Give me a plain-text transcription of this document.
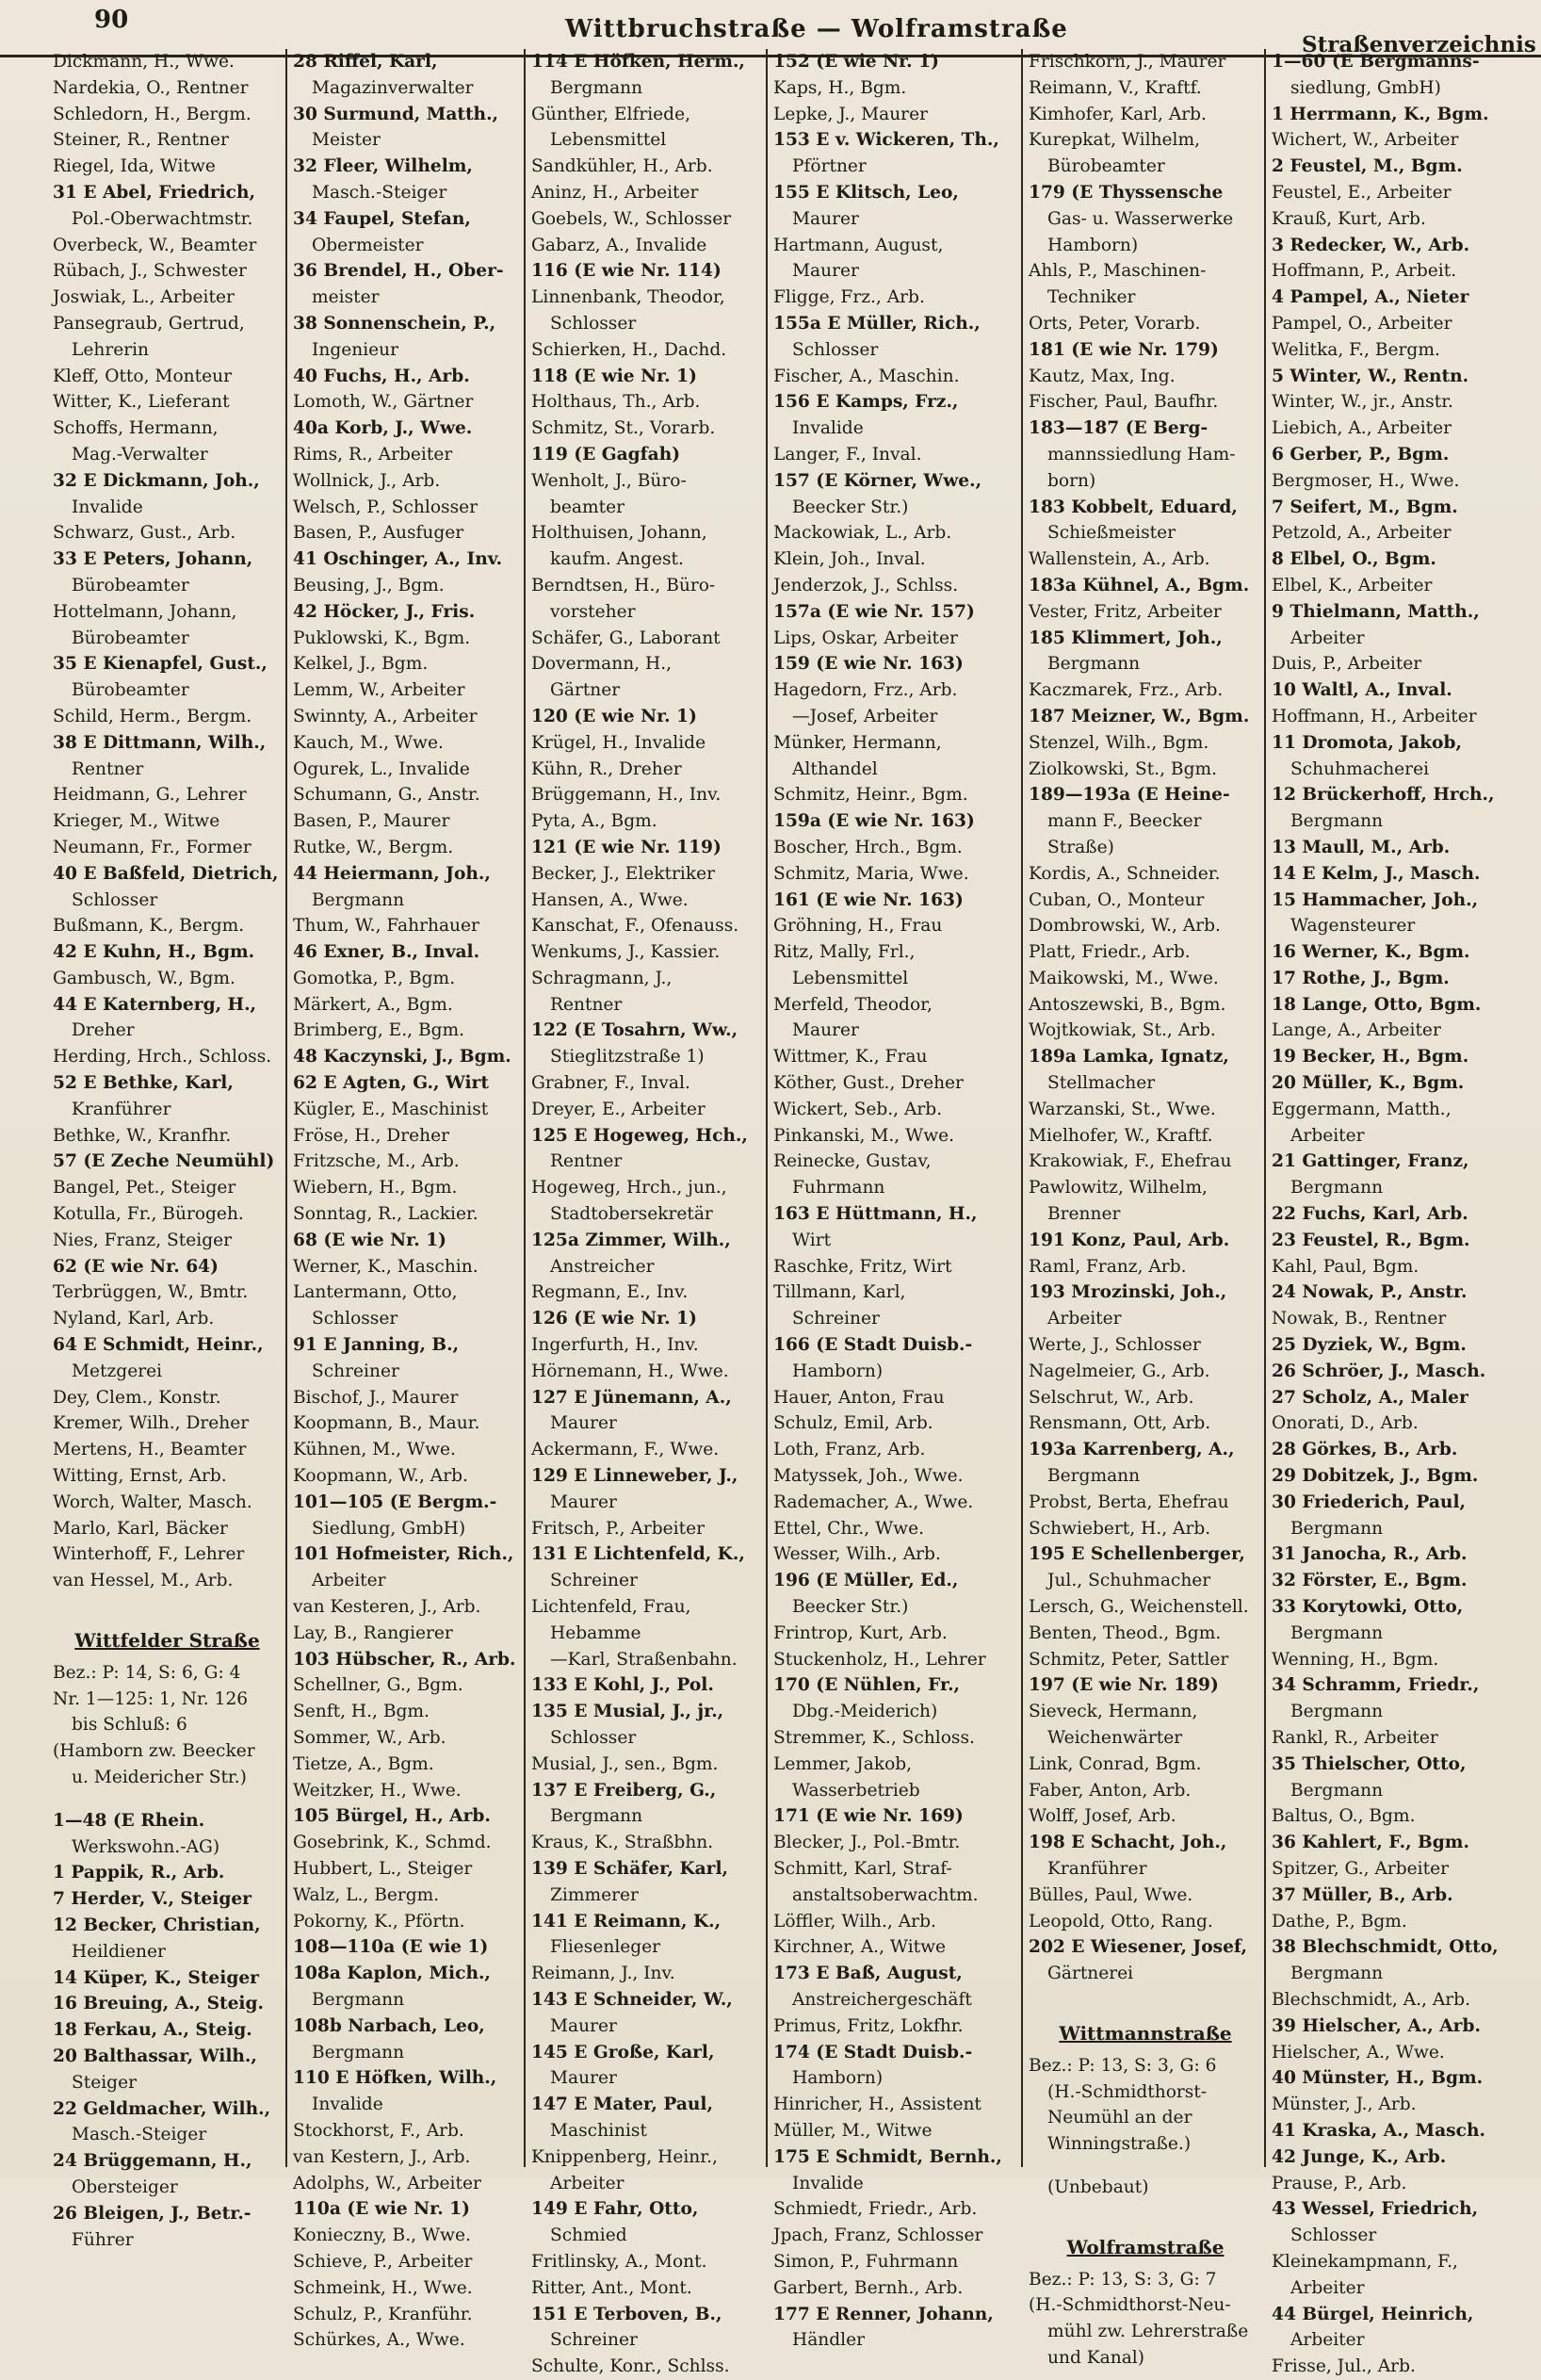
90	Wittbruchstraße — Wolframstraße
Straßenverzeichnis
Dickmann, H., Wwe.
Nardekia, O., Rentner
Schledorn, H., Bergm.
Steiner, R., Rentner
Riegel, Ida, Witwe
31 E Abel, Friedrich,
Pol.-Oberwachtmstr.
Overbeck, W., Beamter
Rübach, J., Schwester
Joswiak, L., Arbeiter
Pansegraub, Gertrud,
Lehrerin
Kleff, Otto, Monteur
Witter, K., Lieferant
Schoffs, Hermann,
Mag.-Verwalter
32 E Dickmann, Joh.,
Invalide
Schwarz, Gust., Arb.
33 E Peters, Johann,
Bürobeamter
Hottelmann, Johann,
Bürobeamter
35 E Kienapfel, Gust.,
Bürobeamter
Schild, Herm., Bergm.
38 E Dittmann, Wilh.,
Rentner
Heidmann, G., Lehrer
Krieger, M., Witwe
Neumann, Fr., Former
40 E Baßfeld, Dietrich,
Schlosser
Bußmann, K., Bergm.
42 E Kuhn, H., Bgm.
Gambusch, W., Bgm.
44 E Katernberg, H.,
Dreher
Herding, Hrch., Schloss.
52 E Bethke, Karl,
Kranführer
Bethke, W., Kranfhr.
57 (E Zeche Neumühl)
Bangel, Pet., Steiger
Kotulla, Fr., Bürogeh.
Nies, Franz, Steiger
62 (E wie Nr. 64)
Terbrüggen, W., Bmtr.
Nyland, Karl, Arb.
64 E Schmidt, Heinr.,
Metzgerei
Dey, Clem., Konstr.
Kremer, Wilh., Dreher
Mertens, H., Beamter
Witting, Ernst, Arb.
Worch, Walter, Masch.
Marlo, Karl, Bäcker
Winterhoff, F., Lehrer
van Hessel, M., Arb.
Wittfelder Straße
Bez.: P: 14, S: 6, G: 4
Nr. 1—125: 1, Nr. 126
bis Schluß: 6
(Hamborn zw. Beecker
u. Meidericher Str.)
1—48 (E Rhein.
Werkswohn.-AG)
1 Pappik, R., Arb.
7 Herder, V., Steiger
12 Becker, Christian,
Heildiener
14 Küper, K., Steiger
16 Breuing, A., Steig.
18 Ferkau, A., Steig.
20 Balthassar, Wilh.,
Steiger
22 Geldmacher, Wilh.,
Masch.-Steiger
24 Brüggemann, H.,
Obersteiger
26 Bleigen, J., Betr.-
Führer
28 Riffel, Karl,
Magazinverwalter
30 Surmund, Matth.,
Meister
32 Fleer, Wilhelm,
Masch.-Steiger
34 Faupel, Stefan,
Obermeister
36 Brendel, H., Ober-
meister
38 Sonnenschein, P.,
Ingenieur
40 Fuchs, H., Arb.
Lomoth, W., Gärtner
40a Korb, J., Wwe.
Rims, R., Arbeiter
Wollnick, J., Arb.
Welsch, P., Schlosser
Basen, P., Ausfuger
41 Oschinger, A., Inv.
Beusing, J., Bgm.
42 Höcker, J., Fris.
Puklowski, K., Bgm.
Kelkel, J., Bgm.
Lemm, W., Arbeiter
Swinnty, A., Arbeiter
Kauch, M., Wwe.
Ogurek, L., Invalide
Schumann, G., Anstr.
Basen, P., Maurer
Rutke, W., Bergm.
44 Heiermann, Joh.,
Bergmann
Thum, W., Fahrhauer
46 Exner, B., Inval.
Gomotka, P., Bgm.
Märkert, A., Bgm.
Brimberg, E., Bgm.
48 Kaczynski, J., Bgm.
62 E Agten, G., Wirt
Kügler, E., Maschinist
Fröse, H., Dreher
Fritzsche, M., Arb.
Wiebern, H., Bgm.
Sonntag, R., Lackier.
68 (E wie Nr. 1)
Werner, K., Maschin.
Lantermann, Otto,
Schlosser
91 E Janning, B.,
Schreiner
Bischof, J., Maurer
Koopmann, B., Maur.
Kühnen, M., Wwe.
Koopmann, W., Arb.
101—105 (E Bergm.-
Siedlung, GmbH)
101 Hofmeister, Rich.,
Arbeiter
van Kesteren, J., Arb.
Lay, B., Rangierer
103 Hübscher, R., Arb.
Schellner, G., Bgm.
Senft, H., Bgm.
Sommer, W., Arb.
Tietze, A., Bgm.
Weitzker, H., Wwe.
105 Bürgel, H., Arb.
Gosebrink, K., Schmd.
Hubbert, L., Steiger
Walz, L., Bergm.
Pokorny, K., Pförtn.
108—110a (E wie 1)
108a Kaplon, Mich.,
Bergmann
108b Narbach, Leo,
Bergmann
110 E Höfken, Wilh.,
Invalide
Stockhorst, F., Arb.
van Kestern, J., Arb.
Adolphs, W., Arbeiter
110a (E wie Nr. 1)
Konieczny, B., Wwe.
Schieve, P., Arbeiter
Schmeink, H., Wwe.
Schulz, P., Kranführ.
Schürkes, A., Wwe.
114 E Höfken, Herm.,
Bergmann
Günther, Elfriede,
Lebensmittel
Sandkühler, H., Arb.
Aninz, H., Arbeiter
Goebels, W., Schlosser
Gabarz, A., Invalide
116 (E wie Nr. 114)
Linnenbank, Theodor,
Schlosser
Schierken, H., Dachd.
118 (E wie Nr. 1)
Holthaus, Th., Arb.
Schmitz, St., Vorarb.
119 (E Gagfah)
Wenholt, J., Büro-
beamter
Holthuisen, Johann,
kaufm. Angest.
Berndtsen, H., Büro-
vorsteher
Schäfer, G., Laborant
Dovermann, H.,
Gärtner
120 (E wie Nr. 1)
Krügel, H., Invalide
Kühn, R., Dreher
Brüggemann, H., Inv.
Pyta, A., Bgm.
121 (E wie Nr. 119)
Becker, J., Elektriker
Hansen, A., Wwe.
Kanschat, F., Ofenauss.
Wenkums, J., Kassier.
Schragmann, J.,
Rentner
122 (E Tosahrn, Ww.,
Stieglitzstraße 1)
Grabner, F., Inval.
Dreyer, E., Arbeiter
125 E Hogeweg, Hch.,
Rentner
Hogeweg, Hrch., jun.,
Stadtobersekretär
125a Zimmer, Wilh.,
Anstreicher
Regmann, E., Inv.
126 (E wie Nr. 1)
Ingerfurth, H., Inv.
Hörnemann, H., Wwe.
127 E Jünemann, A.,
Maurer
Ackermann, F., Wwe.
129 E Linneweber, J.,
Maurer
Fritsch, P., Arbeiter
131 E Lichtenfeld, K.,
Schreiner
Lichtenfeld, Frau,
Hebamme
—Karl, Straßenbahn.
133 E Kohl, J., Pol.
135 E Musial, J., jr.,
Schlosser
Musial, J., sen., Bgm.
137 E Freiberg, G.,
Bergmann
Kraus, K., Straßbhn.
139 E Schäfer, Karl,
Zimmerer
141 E Reimann, K.,
Fliesenleger
Reimann, J., Inv.
143 E Schneider, W.,
Maurer
145 E Große, Karl,
Maurer
147 E Mater, Paul,
Maschinist
Knippenberg, Heinr.,
Arbeiter
149 E Fahr, Otto,
Schmied
Fritlinsky, A., Mont.
Ritter, Ant., Mont.
151 E Terboven, B.,
Schreiner
Schulte, Konr., Schlss.
152 (E wie Nr. 1)
Kaps, H., Bgm.
Lepke, J., Maurer
153 E v. Wickeren, Th.,
Pförtner
155 E Klitsch, Leo,
Maurer
Hartmann, August,
Maurer
Fligge, Frz., Arb.
155a E Müller, Rich.,
Schlosser
Fischer, A., Maschin.
156 E Kamps, Frz.,
Invalide
Langer, F., Inval.
157 (E Körner, Wwe.,
Beecker Str.)
Mackowiak, L., Arb.
Klein, Joh., Inval.
Jenderzok, J., Schlss.
157a (E wie Nr. 157)
Lips, Oskar, Arbeiter
159 (E wie Nr. 163)
Hagedorn, Frz., Arb.
—Josef, Arbeiter
Münker, Hermann,
Althandel
Schmitz, Heinr., Bgm.
159a (E wie Nr. 163)
Boscher, Hrch., Bgm.
Schmitz, Maria, Wwe.
161 (E wie Nr. 163)
Gröhning, H., Frau
Ritz, Mally, Frl.,
Lebensmittel
Merfeld, Theodor,
Maurer
Wittmer, K., Frau
Köther, Gust., Dreher
Wickert, Seb., Arb.
Pinkanski, M., Wwe.
Reinecke, Gustav,
Fuhrmann
163 E Hüttmann, H.,
Wirt
Raschke, Fritz, Wirt
Tillmann, Karl,
Schreiner
166 (E Stadt Duisb.-
Hamborn)
Hauer, Anton, Frau
Schulz, Emil, Arb.
Loth, Franz, Arb.
Matyssek, Joh., Wwe.
Rademacher, A., Wwe.
Ettel, Chr., Wwe.
Wesser, Wilh., Arb.
196 (E Müller, Ed.,
Beecker Str.)
Frintrop, Kurt, Arb.
Stuckenholz, H., Lehrer
170 (E Nühlen, Fr.,
Dbg.-Meiderich)
Stremmer, K., Schloss.
Lemmer, Jakob,
Wasserbetrieb
171 (E wie Nr. 169)
Blecker, J., Pol.-Bmtr.
Schmitt, Karl, Straf-
anstaltsoberwachtm.
Löffler, Wilh., Arb.
Kirchner, A., Witwe
173 E Baß, August,
Anstreichergeschäft
Primus, Fritz, Lokfhr.
174 (E Stadt Duisb.-
Hamborn)
Hinricher, H., Assistent
Müller, M., Witwe
175 E Schmidt, Bernh.,
Invalide
Schmiedt, Friedr., Arb.
Jpach, Franz, Schlosser
Simon, P., Fuhrmann
Garbert, Bernh., Arb.
177 E Renner, Johann,
Händler
Frischkorn, J., Maurer
Reimann, V., Kraftf.
Kimhofer, Karl, Arb.
Kurepkat, Wilhelm,
Bürobeamter
179 (E Thyssensche
Gas- u. Wasserwerke
Hamborn)
Ahls, P., Maschinen-
Techniker
Orts, Peter, Vorarb.
181 (E wie Nr. 179)
Kautz, Max, Ing.
Fischer, Paul, Baufhr.
183—187 (E Berg-
mannssiedlung Ham-
born)
183 Kobbelt, Eduard,
Schießmeister
Wallenstein, A., Arb.
183a Kühnel, A., Bgm.
Vester, Fritz, Arbeiter
185 Klimmert, Joh.,
Bergmann
Kaczmarek, Frz., Arb.
187 Meizner, W., Bgm.
Stenzel, Wilh., Bgm.
Ziolkowski, St., Bgm.
189—193a (E Heine-
mann F., Beecker
Straße)
Kordis, A., Schneider.
Cuban, O., Monteur
Dombrowski, W., Arb.
Platt, Friedr., Arb.
Maikowski, M., Wwe.
Antoszewski, B., Bgm.
Wojtkowiak, St., Arb.
189a Lamka, Ignatz,
Stellmacher
Warzanski, St., Wwe.
Mielhofer, W., Kraftf.
Krakowiak, F., Ehefrau
Pawlowitz, Wilhelm,
Brenner
191 Konz, Paul, Arb.
Raml, Franz, Arb.
193 Mrozinski, Joh.,
Arbeiter
Werte, J., Schlosser
Nagelmeier, G., Arb.
Selschrut, W., Arb.
Rensmann, Ott, Arb.
193a Karrenberg, A.,
Bergmann
Probst, Berta, Ehefrau
Schwiebert, H., Arb.
195 E Schellenberger,
Jul., Schuhmacher
Lersch, G., Weichenstell.
Benten, Theod., Bgm.
Schmitz, Peter, Sattler
197 (E wie Nr. 189)
Sieveck, Hermann,
Weichenwärter
Link, Conrad, Bgm.
Faber, Anton, Arb.
Wolff, Josef, Arb.
198 E Schacht, Joh.,
Kranführer
Bülles, Paul, Wwe.
Leopold, Otto, Rang.
202 E Wiesener, Josef,
Gärtnerei
Wittmannstraße
Bez.: P: 13, S: 3, G: 6
(H.-Schmidthorst-
Neumühl an der
Winningstraße.)
(Unbebaut)
Wolframstraße
Bez.: P: 13, S: 3, G: 7
(H.-Schmidthorst-Neu-
mühl zw. Lehrerstraße
und Kanal)
1—60 (E Bergmanns-
siedlung, GmbH)
1 Herrmann, K., Bgm.
Wichert, W., Arbeiter
2 Feustel, M., Bgm.
Feustel, E., Arbeiter
Krauß, Kurt, Arb.
3 Redecker, W., Arb.
Hoffmann, P., Arbeit.
4 Pampel, A., Nieter
Pampel, O., Arbeiter
Welitka, F., Bergm.
5 Winter, W., Rentn.
Winter, W., jr., Anstr.
Liebich, A., Arbeiter
6 Gerber, P., Bgm.
Bergmoser, H., Wwe.
7 Seifert, M., Bgm.
Petzold, A., Arbeiter
8 Elbel, O., Bgm.
Elbel, K., Arbeiter
9 Thielmann, Matth.,
Arbeiter
Duis, P., Arbeiter
10 Waltl, A., Inval.
Hoffmann, H., Arbeiter
11 Dromota, Jakob,
Schuhmacherei
12 Brückerhoff, Hrch.,
Bergmann
13 Maull, M., Arb.
14 E Kelm, J., Masch.
15 Hammacher, Joh.,
Wagensteurer
16 Werner, K., Bgm.
17 Rothe, J., Bgm.
18 Lange, Otto, Bgm.
Lange, A., Arbeiter
19 Becker, H., Bgm.
20 Müller, K., Bgm.
Eggermann, Matth.,
Arbeiter
21 Gattinger, Franz,
Bergmann
22 Fuchs, Karl, Arb.
23 Feustel, R., Bgm.
Kahl, Paul, Bgm.
24 Nowak, P., Anstr.
Nowak, B., Rentner
25 Dyziek, W., Bgm.
26 Schröer, J., Masch.
27 Scholz, A., Maler
Onorati, D., Arb.
28 Görkes, B., Arb.
29 Dobitzek, J., Bgm.
30 Friederich, Paul,
Bergmann
31 Janocha, R., Arb.
32 Förster, E., Bgm.
33 Korytowki, Otto,
Bergmann
Wenning, H., Bgm.
34 Schramm, Friedr.,
Bergmann
Rankl, R., Arbeiter
35 Thielscher, Otto,
Bergmann
Baltus, O., Bgm.
36 Kahlert, F., Bgm.
Spitzer, G., Arbeiter
37 Müller, B., Arb.
Dathe, P., Bgm.
38 Blechschmidt, Otto,
Bergmann
Blechschmidt, A., Arb.
39 Hielscher, A., Arb.
Hielscher, A., Wwe.
40 Münster, H., Bgm.
Münster, J., Arb.
41 Kraska, A., Masch.
42 Junge, K., Arb.
Prause, P., Arb.
43 Wessel, Friedrich,
Schlosser
Kleinekampmann, F.,
Arbeiter
44 Bürgel, Heinrich,
Arbeiter
Frisse, Jul., Arb.
